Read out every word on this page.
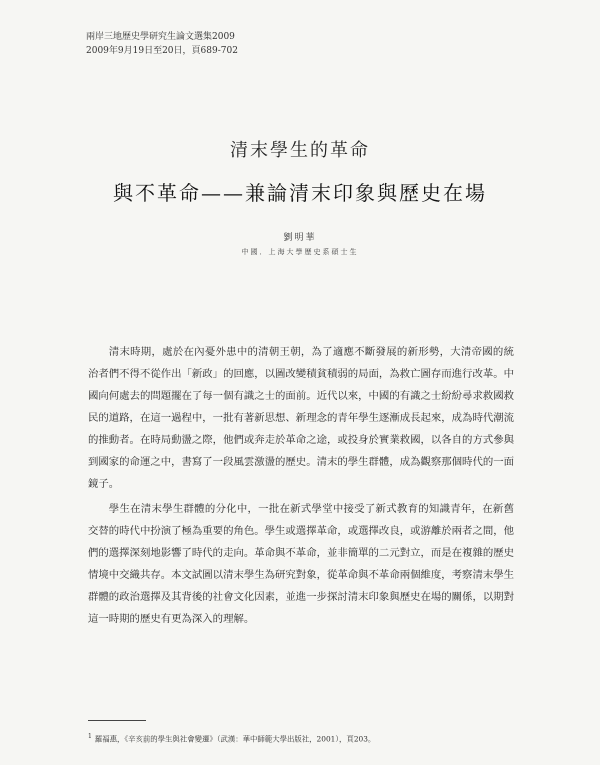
兩岸三地歷史學研究生論文選集2009
2009年9月19日至20日，頁689-702
清末學生的革命
與不革命——兼論清末印象與歷史在場
劉明華
中國．上海大學歷史系碩士生

清末時期，處於在內憂外患中的清朝王朝，為了適應不斷發展的新形勢，大清帝國的統治者們不得不從作出「新政」的回應，以圖改變積貧積弱的局面，為救亡圖存而進行改革。中國向何處去的問題擺在了每一個有識之士的面前。近代以來，中國的有識之士紛紛尋求救國救民的道路，在這一過程中，一批有著新思想、新理念的青年學生逐漸成長起來，成為時代潮流的推動者。在時局動盪之際，他們或奔走於革命之途，或投身於實業救國，以各自的方式參與到國家的命運之中，書寫了一段風雲激盪的歷史。清末的學生群體，成為觀察那個時代的一面鏡子。

學生在清末學生群體的分化中，一批在新式學堂中接受了新式教育的知識青年，在新舊交替的時代中扮演了極為重要的角色。學生或選擇革命，或選擇改良，或游離於兩者之間，他們的選擇深刻地影響了時代的走向。革命與不革命，並非簡單的二元對立，而是在複雜的歷史情境中交織共存。本文試圖以清末學生為研究對象，從革命與不革命兩個維度，考察清末學生群體的政治選擇及其背後的社會文化因素，並進一步探討清末印象與歷史在場的關係，以期對這一時期的歷史有更為深入的理解。

$^1$ 羅福惠，《辛亥前的學生與社會變遷》（武漢：華中師範大學出版社，2001），頁203。
